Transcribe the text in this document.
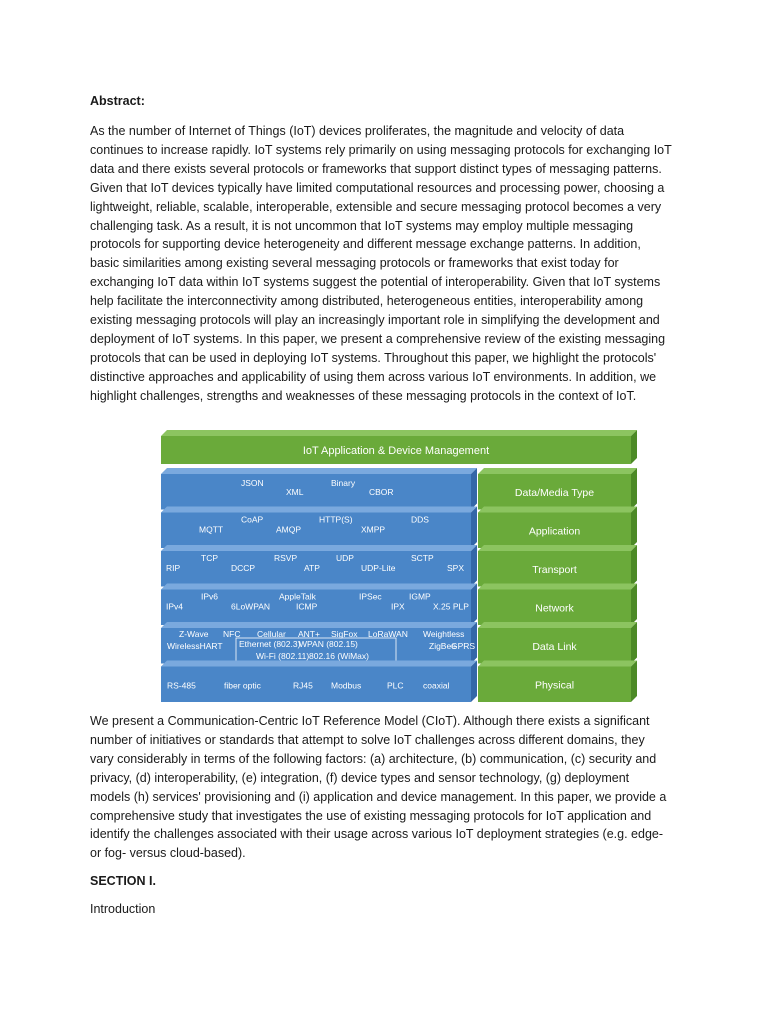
Abstract:
As the number of Internet of Things (IoT) devices proliferates, the magnitude and velocity of data
continues to increase rapidly. IoT systems rely primarily on using messaging protocols for exchanging IoT
data and there exists several protocols or frameworks that support distinct types of messaging patterns.
Given that IoT devices typically have limited computational resources and processing power, choosing a
lightweight, reliable, scalable, interoperable, extensible and secure messaging protocol becomes a very
challenging task. As a result, it is not uncommon that IoT systems may employ multiple messaging
protocols for supporting device heterogeneity and different message exchange patterns. In addition,
basic similarities among existing several messaging protocols or frameworks that exist today for
exchanging IoT data within IoT systems suggest the potential of interoperability. Given that IoT systems
help facilitate the interconnectivity among distributed, heterogeneous entities, interoperability among
existing messaging protocols will play an increasingly important role in simplifying the development and
deployment of IoT systems. In this paper, we present a comprehensive review of the existing messaging
protocols that can be used in deploying IoT systems. Throughout this paper, we highlight the protocols'
distinctive approaches and applicability of using them across various IoT environments. In addition, we
highlight challenges, strengths and weaknesses of these messaging protocols in the context of IoT.
IoT Application & Device Management
Data/Media Type
JSON
XML
Binary
CBOR
Application
CoAP
MQTT	AMQP
HTTP(S)
XMPP
DDS
Transport
TCP
RIP	DCCP
RSVP
ATP
UDP
UDP-Lite
SCTP
SPX
Network
IPv6
IPv4	6LoWPAN
AppleTalk
ICMP
IPSec
IPX
IGMP
X.25 PLP
Data Link
Z-Wave NFC Cellular ANT+ SigFox LoRaWAN Weightless
WirelessHART Ethernet (802.3)
WPAN (802.15)
Wi-Fi (802.11) 802.16 (WiMax)
ZigBee
GPRS
Physical
RS-485	fiber optic	RJ45 Modbus	PLC coaxial
We present a Communication-Centric IoT Reference Model (CIoT). Although there exists a significant
number of initiatives or standards that attempt to solve IoT challenges across different domains, they
vary considerably in terms of the following factors: (a) architecture, (b) communication, (c) security and
privacy, (d) interoperability, (e) integration, (f) device types and sensor technology, (g) deployment
models (h) services' provisioning and (i) application and device management. In this paper, we provide a
comprehensive study that investigates the use of existing messaging protocols for IoT application and
identify the challenges associated with their usage across various IoT deployment strategies (e.g. edge-
or fog- versus cloud-based).
SECTION I.
Introduction
